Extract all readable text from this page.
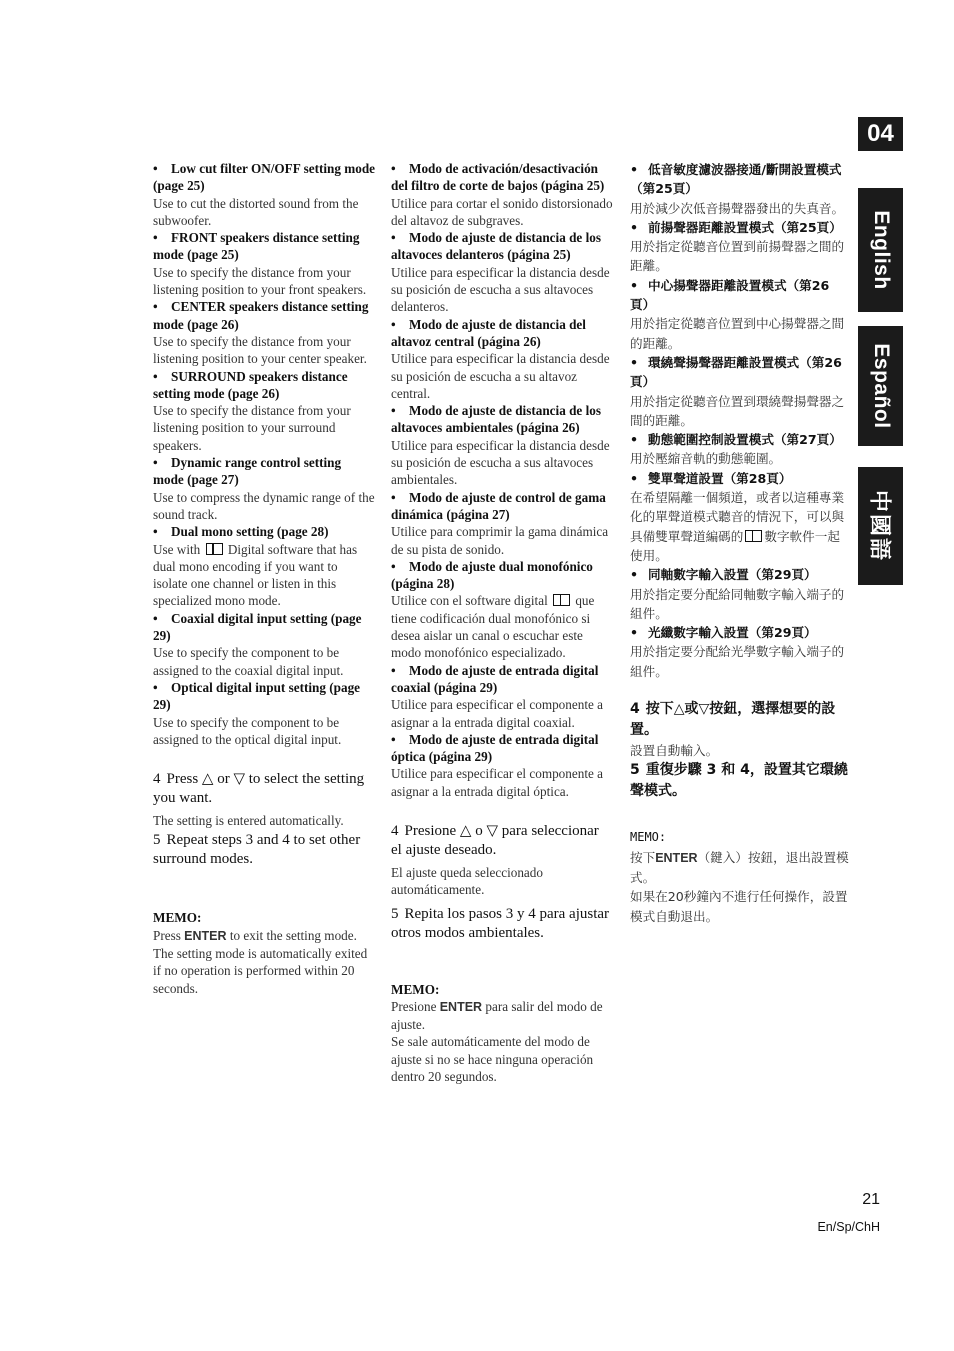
04
English
Español
中國語

• Low cut filter ON/OFF setting mode (page 25)
Use to cut the distorted sound from the subwoofer.

• FRONT speakers distance setting mode (page 25)
Use to specify the distance from your listening position to your front speakers.

• CENTER speakers distance setting mode (page 26)
Use to specify the distance from your listening position to your center speaker.

• SURROUND speakers distance setting mode (page 26)
Use to specify the distance from your listening position to your surround speakers.

• Dynamic range control setting mode (page 27)
Use to compress the dynamic range of the sound track.

• Dual mono setting (page 28)
Use with Digital software that has dual mono encoding if you want to isolate one channel or listen in this specialized mono mode.

• Coaxial digital input setting (page 29)
Use to specify the component to be assigned to the coaxial digital input.

• Optical digital input setting (page 29)
Use to specify the component to be assigned to the optical digital input.

4 Press △ or ▽ to select the setting you want.

The setting is entered automatically.

5 Repeat steps 3 and 4 to set other surround modes.

MEMO:

Press ENTER to exit the setting mode.

The setting mode is automatically exited if no operation is performed within 20 seconds.

• Modo de activación/desactivación del filtro de corte de bajos (página 25)
Utilice para cortar el sonido distorsionado del altavoz de subgraves.

• Modo de ajuste de distancia de los altavoces delanteros (página 25)
Utilice para especificar la distancia desde su posición de escucha a sus altavoces delanteros.

• Modo de ajuste de distancia del altavoz central (página 26)
Utilice para especificar la distancia desde su posición de escucha a su altavoz central.

• Modo de ajuste de distancia de los altavoces ambientales (página 26)
Utilice para especificar la distancia desde su posición de escucha a sus altavoces ambientales.

• Modo de ajuste de control de gama dinámica (página 27)
Utilice para comprimir la gama dinámica de su pista de sonido.

• Modo de ajuste dual monofónico (página 28)
Utilice con el software digital que tiene codificación dual monofónico si desea aislar un canal o escuchar este modo monofónico especializado.

• Modo de ajuste de entrada digital coaxial (página 29)
Utilice para especificar el componente a asignar a la entrada digital coaxial.

• Modo de ajuste de entrada digital óptica (página 29)
Utilice para especificar el componente a asignar a la entrada digital óptica.

4 Presione △ o ▽ para seleccionar el ajuste deseado.

El ajuste queda seleccionado automáticamente.

5 Repita los pasos 3 y 4 para ajustar otros modos ambientales.

MEMO:

Presione ENTER para salir del modo de ajuste.

Se sale automáticamente del modo de ajuste si no se hace ninguna operación dentro 20 segundos.

• 低音敏度濾波器接通/斷開設置模式（第25頁）
用於減少次低音揚聲器發出的失真音。

• 前揚聲器距離設置模式（第25頁）
用於指定從聽音位置到前揚聲器之間的距離。

• 中心揚聲器距離設置模式（第26頁）
用於指定從聽音位置到中心揚聲器之間的距離。

• 環繞聲揚聲器距離設置模式（第26頁）
用於指定從聽音位置到環繞聲揚聲器之間的距離。

• 動態範圍控制設置模式（第27頁）
用於壓縮音軌的動態範圍。

• 雙單聲道設置（第28頁）
在希望隔離一個頻道，或者以這種專業化的單聲道模式聽音的情況下，可以與具備雙單聲道編碼的 數字軟件一起使用。

• 同軸數字輸入設置（第29頁）
用於指定要分配給同軸數字輸入端子的組件。

• 光纖數字輸入設置（第29頁）
用於指定要分配給光學數字輸入端子的組件。

4 按下△或▽按鈕，選擇想要的設置。

設置自動輸入。

5 重復步驟 3 和 4，設置其它環繞聲模式。

MEMO:

按下ENTER（鍵入）按鈕，退出設置模式。

如果在20秒鐘內不進行任何操作，設置模式自動退出。

21
En/Sp/ChH
